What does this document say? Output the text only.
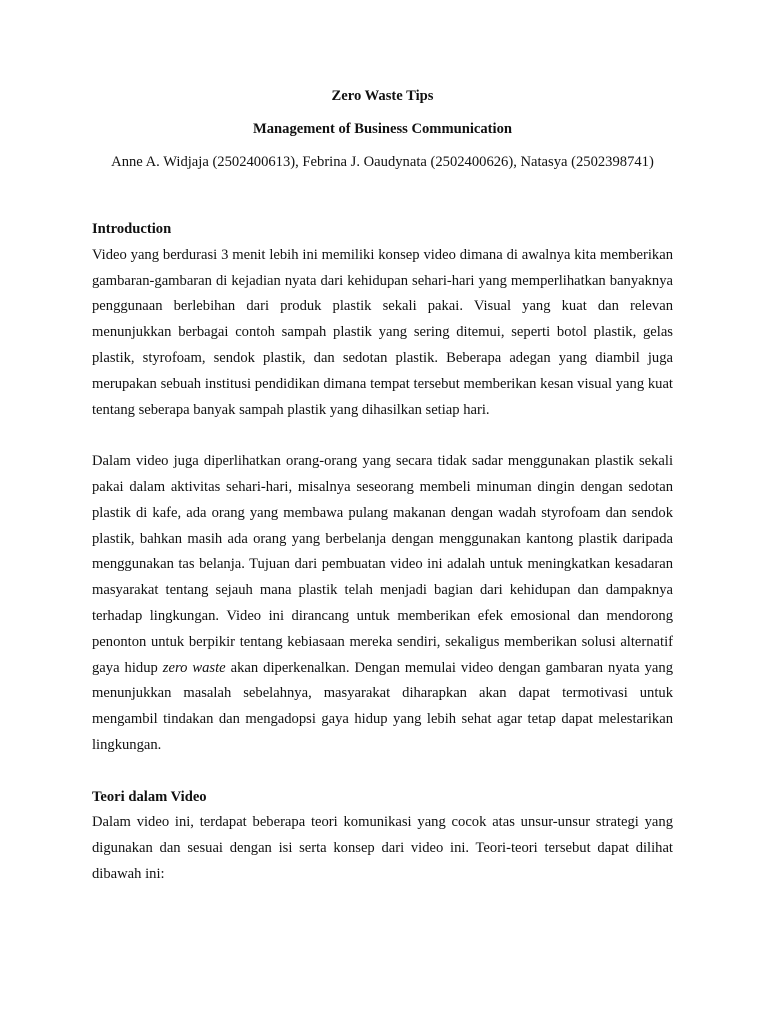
Zero Waste Tips

Management of Business Communication

Anne A. Widjaja (2502400613), Febrina J. Oaudynata (2502400626), Natasya (2502398741)

Introduction

Video yang berdurasi 3 menit lebih ini memiliki konsep video dimana di awalnya kita memberikan gambaran-gambaran di kejadian nyata dari kehidupan sehari-hari yang memperlihatkan banyaknya penggunaan berlebihan dari produk plastik sekali pakai. Visual yang kuat dan relevan menunjukkan berbagai contoh sampah plastik yang sering ditemui, seperti botol plastik, gelas plastik, styrofoam, sendok plastik, dan sedotan plastik. Beberapa adegan yang diambil juga merupakan sebuah institusi pendidikan dimana tempat tersebut memberikan kesan visual yang kuat tentang seberapa banyak sampah plastik yang dihasilkan setiap hari.

Dalam video juga diperlihatkan orang-orang yang secara tidak sadar menggunakan plastik sekali pakai dalam aktivitas sehari-hari, misalnya seseorang membeli minuman dingin dengan sedotan plastik di kafe, ada orang yang membawa pulang makanan dengan wadah styrofoam dan sendok plastik, bahkan masih ada orang yang berbelanja dengan menggunakan kantong plastik daripada menggunakan tas belanja. Tujuan dari pembuatan video ini adalah untuk meningkatkan kesadaran masyarakat tentang sejauh mana plastik telah menjadi bagian dari kehidupan dan dampaknya terhadap lingkungan. Video ini dirancang untuk memberikan efek emosional dan mendorong penonton untuk berpikir tentang kebiasaan mereka sendiri, sekaligus memberikan solusi alternatif gaya hidup zero waste akan diperkenalkan. Dengan memulai video dengan gambaran nyata yang menunjukkan masalah sebelahnya, masyarakat diharapkan akan dapat termotivasi untuk mengambil tindakan dan mengadopsi gaya hidup yang lebih sehat agar tetap dapat melestarikan lingkungan.

Teori dalam Video

Dalam video ini, terdapat beberapa teori komunikasi yang cocok atas unsur-unsur strategi yang digunakan dan sesuai dengan isi serta konsep dari video ini. Teori-teori tersebut dapat dilihat dibawah ini:
